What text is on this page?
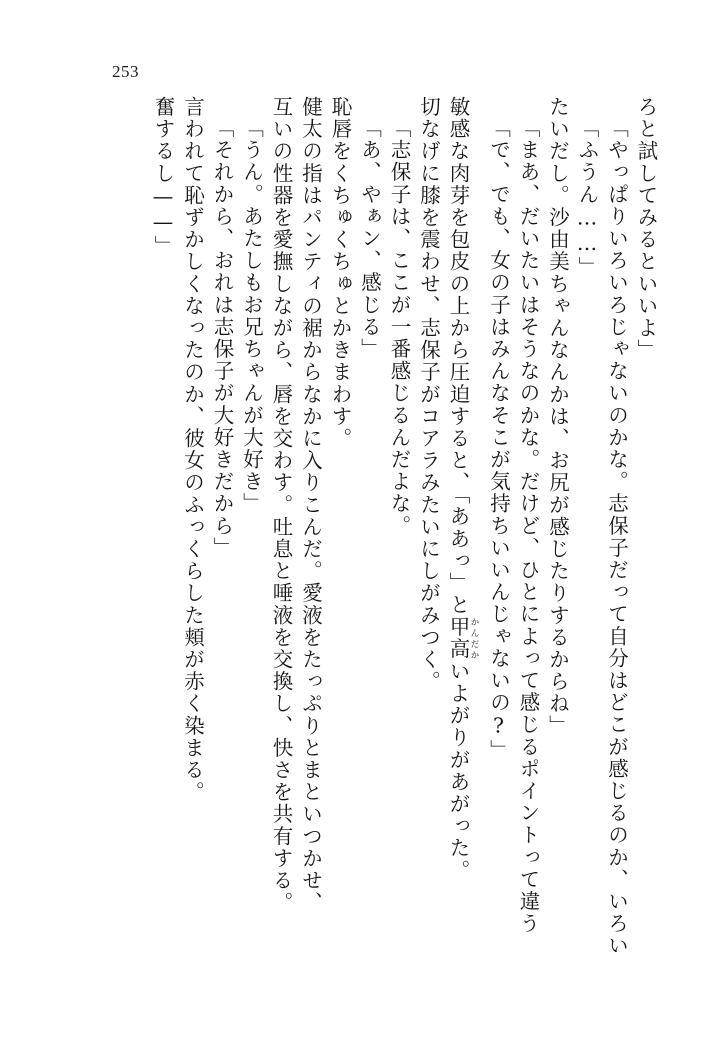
253
奮するし——」 言われて恥ずかしくなったのか、彼女のふっくらした頬が赤く染まる。 「それから、おれは志保子が大好きだから」 「うん。あたしもお兄ちゃんが大好き」 互いの性器を愛撫しながら、唇を交わす。吐息と唾液を交換し、快さを共有する。 健太の指はパンティの裾からなかに入りこんだ。愛液をたっぷりとまといつかせ、 恥唇をくちゅくちゅとかきまわす。 「あ、やぁン、感じる」 「志保子は、ここが一番感じるんだよな。 切なげに膝を震わせ、志保子がコアラみたいにしがみつく。 敏感な肉芽を包皮の上から圧迫すると、「ああっ」と甲高 かんだかいよがりがあがった。
「で、でも、女の子はみんなそこが気持ちいいんじゃないの?」 「まあ、だいたいはそうなのかな。だけど、ひとによって感じるポイントって違う たいだし。沙由美ちゃんなんかは、お尻が感じたりするからね」 「ふうん……」 「やっぱりいろいろじゃないのかな。志保子だって自分はどこが感じるのか、いろい ろと試してみるといいよ」
